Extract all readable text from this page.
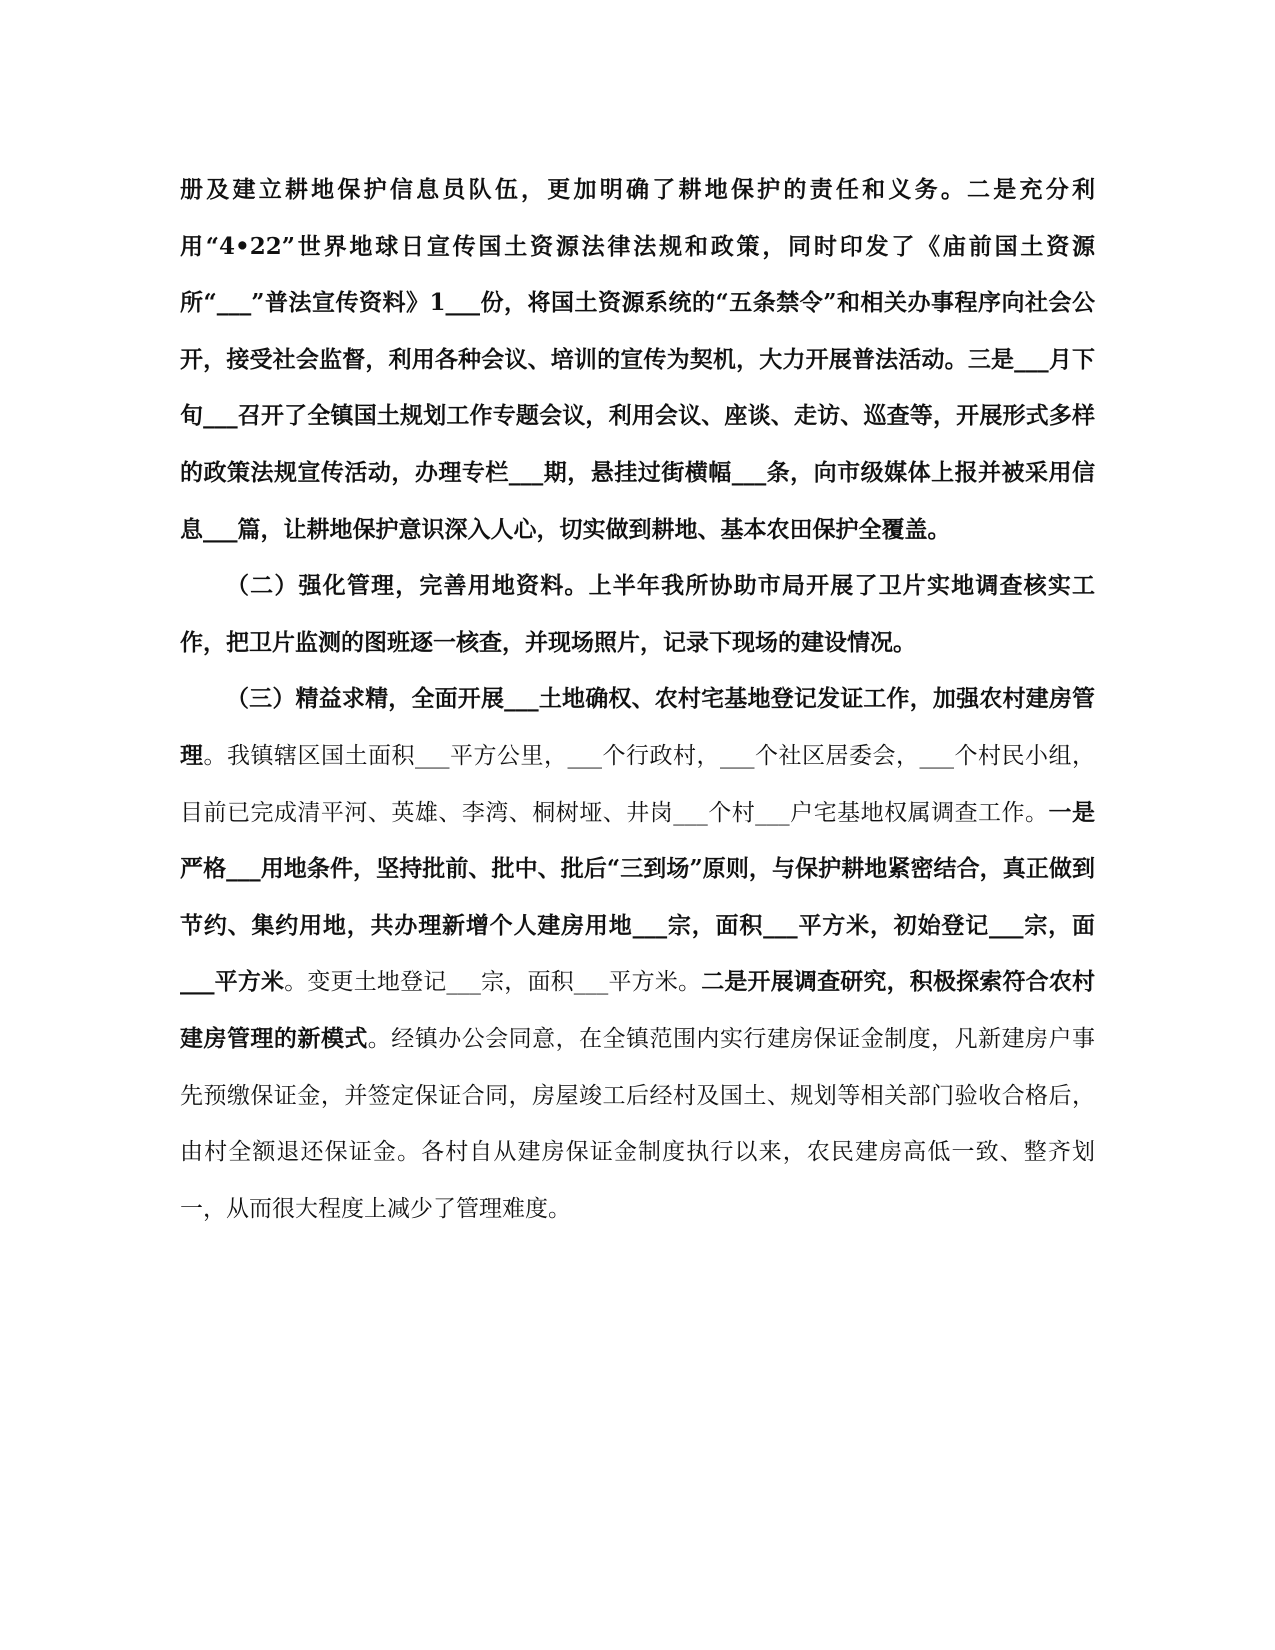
册及建立耕地保护信息员队伍，更加明确了耕地保护的责任和义务。二是充分利用“4•22”世界地球日宣传国土资源法律法规和政策，同时印发了《庙前国土资源所“___”普法宣传资料》1___份，将国土资源系统的“五条禁令”和相关办事程序向社会公开，接受社会监督，利用各种会议、培训的宣传为契机，大力开展普法活动。三是___月下旬___召开了全镇国土规划工作专题会议，利用会议、座谈、走访、巡查等，开展形式多样的政策法规宣传活动，办理专栏___期，悬挂过街横幅___条，向市级媒体上报并被采用信息___篇，让耕地保护意识深入人心，切实做到耕地、基本农田保护全覆盖。

（二）强化管理，完善用地资料。上半年我所协助市局开展了卫片实地调查核实工作，把卫片监测的图班逐一核查，并现场照片，记录下现场的建设情况。

（三）精益求精，全面开展___土地确权、农村宅基地登记发证工作，加强农村建房管理。我镇辖区国土面积___平方公里，___个行政村，___个社区居委会，___个村民小组，目前已完成清平河、英雄、李湾、桐树垭、井岗___个村___户宅基地权属调查工作。一是严格___用地条件，坚持批前、批中、批后“三到场”原则，与保护耕地紧密结合，真正做到节约、集约用地，共办理新增个人建房用地___宗，面积___平方米，初始登记___宗，面___平方米。变更土地登记___宗，面积___平方米。二是开展调查研究，积极探索符合农村建房管理的新模式。经镇办公会同意，在全镇范围内实行建房保证金制度，凡新建房户事先预缴保证金，并签定保证合同，房屋竣工后经村及国土、规划等相关部门验收合格后，由村全额退还保证金。各村自从建房保证金制度执行以来，农民建房高低一致、整齐划一，从而很大程度上减少了管理难度。
